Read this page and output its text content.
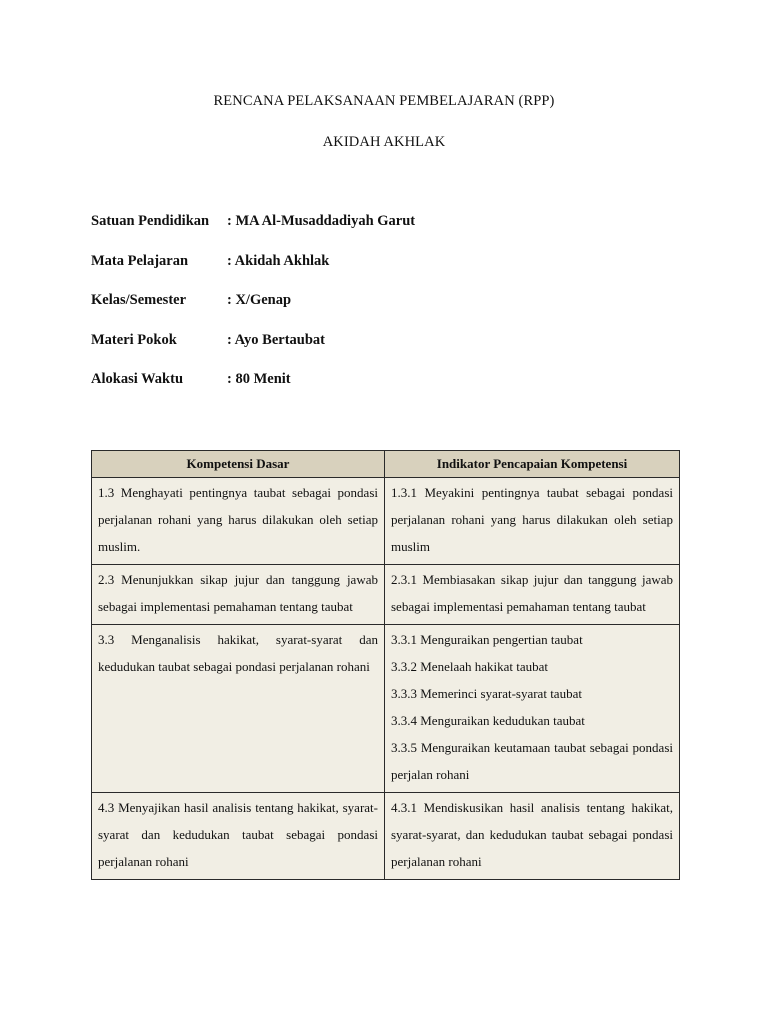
RENCANA PELAKSANAAN PEMBELAJARAN (RPP)
AKIDAH AKHLAK
Satuan Pendidikan : MA Al-Musaddadiyah Garut
Mata Pelajaran	: Akidah Akhlak
Kelas/Semester	: X/Genap
Materi Pokok	: Ayo Bertaubat
Alokasi Waktu	: 80 Menit
Kompetensi Dasar	Indikator Pencapaian Kompetensi
1.3 Menghayati pentingnya taubat sebagai pondasi perjalanan rohani yang harus dilakukan oleh setiap muslim.	1.3.1 Meyakini pentingnya taubat sebagai pondasi perjalanan rohani yang harus dilakukan oleh setiap muslim

2.3 Menunjukkan sikap jujur dan tanggung jawab sebagai implementasi pemahaman tentang taubat	2.3.1 Membiasakan sikap jujur dan tanggung jawab sebagai implementasi pemahaman tentang taubat

3.3 Menganalisis hakikat, syarat-syarat dan kedudukan taubat sebagai pondasi perjalanan rohani	3.3.1 Menguraikan pengertian taubat
3.3.2 Menelaah hakikat taubat
3.3.3 Memerinci syarat-syarat taubat
3.3.4 Menguraikan kedudukan taubat
3.3.5 Menguraikan keutamaan taubat sebagai pondasi perjalan rohani

4.3 Menyajikan hasil analisis tentang hakikat, syarat-syarat dan kedudukan taubat sebagai pondasi perjalanan rohani	4.3.1 Mendiskusikan hasil analisis tentang hakikat, syarat-syarat, dan kedudukan taubat sebagai pondasi perjalanan rohani
